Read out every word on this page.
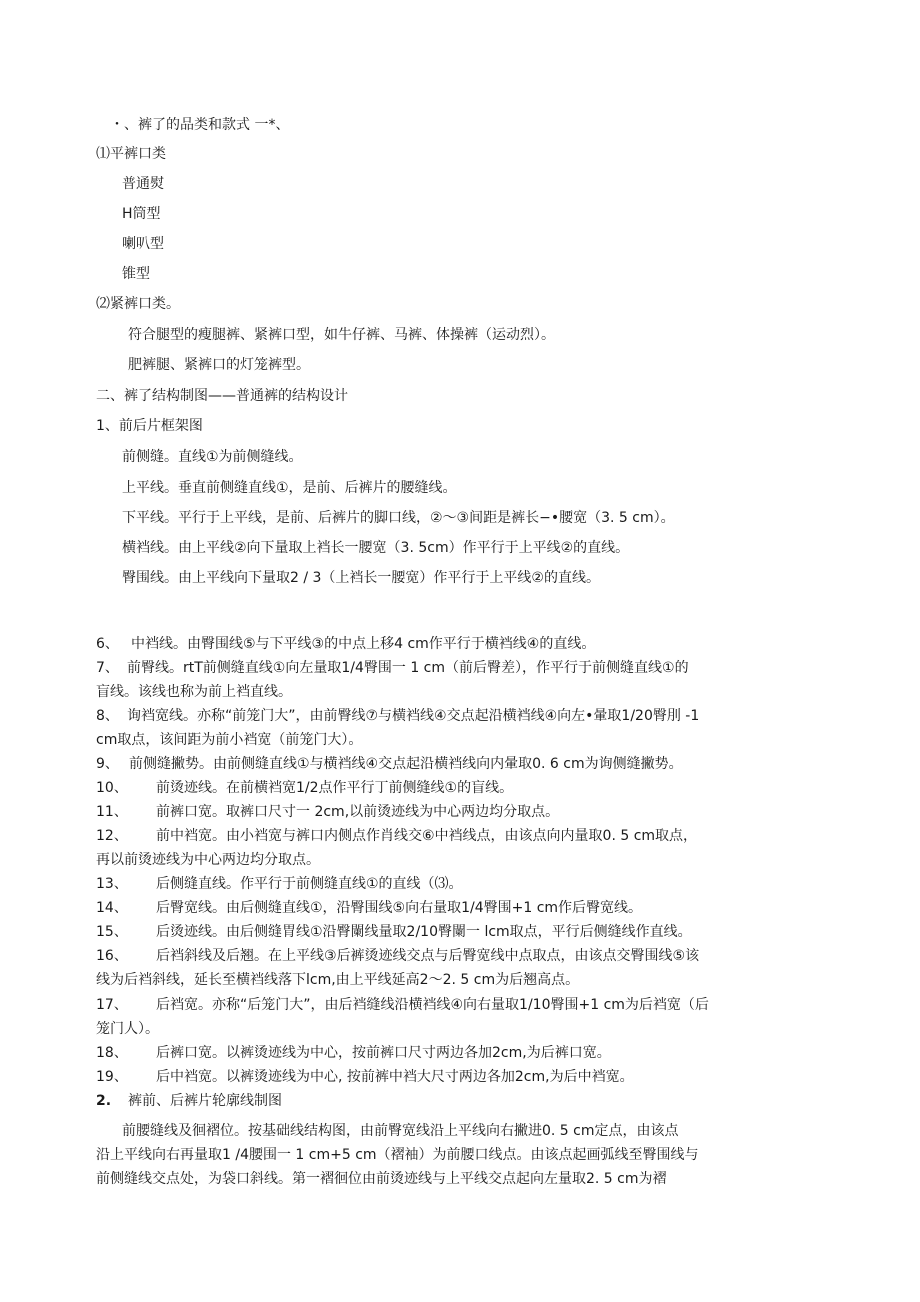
・、裤了的品类和款式 一*、
⑴平裤口类
普通熨
H筒型
喇叭型
锥型
⑵紧裤口类。
符合腿型的瘦腿裤、紧裤口型，如牛仔裤、马裤、体操裤（运动烈）。
肥裤腿、紧裤口的灯笼裤型。
二、裤了结构制图——普通裤的结构设计
1、前后片框架图
前侧缝。直线①为前侧缝线。
上平线。垂直前侧缝直线①，是前、后裤片的腰缝线。
下平线。平行于上平线，是前、后裤片的脚口线，②～③间距是裤长−•腰宽（3. 5 cm）。
横裆线。由上平线②向下量取上裆长一腰宽（3. 5cm）作平行于上平线②的直线。
臀围线。由上平线向下量取2 / 3（上裆长一腰宽）作平行于上平线②的直线。
6、 中裆线。由臀围线⑤与下平线③的中点上移4 cm作平行于横裆线④的直线。
7、 前臀线。rtT前侧缝直线①向左量取1/4臀围一 1 cm（前后臀差），作平行于前侧缝直线①的
盲线。该线也称为前上裆直线。
8、 询裆宽线。亦称“前笼门大”，由前臀线⑦与横裆线④交点起沿横裆线④向左•暈取1/20臀刖 -1
cm取点，该间距为前小裆宽（前笼门大）。
9、 前侧缝撇势。由前侧缝直线①与横裆线④交点起沿横裆线向内暈取0. 6 cm为询侧缝撇势。
10、 前烫迹线。在前横裆宽1/2点作平行丁前侧缝线①的盲线。
11、 前裤口宽。取裤口尺寸一 2cm,以前烫迹线为中心两边均分取点。
12、 前中裆宽。由小裆宽与裤口内侧点作肖线交⑥中裆线点，由该点向内量取0. 5 cm取点，
再以前烫迹线为中心两边均分取点。
13、 后侧缝直线。作平行于前侧缝直线①的直线（⑶。
14、 后臀宽线。由后侧缝直线①，沿臀围线⑤向右量取1/4臀围+1 cm作后臀宽线。
15、 后烫迹线。由后侧缝胃线①沿臀闌线量取2/10臀闌一 lcm取点，平行后侧缝线作直线。
16、 后裆斜线及后翘。在上平线③后裤烫迹线交点与后臀宽线中点取点，由该点交臀围线⑤该
线为后裆斜线，延长至横裆线落下lcm,由上平线延高2～2. 5 cm为后翘高点。
17、 后裆宽。亦称“后笼门大”，由后裆缝线沿横裆线④向右量取1/10臀围+1 cm为后裆宽（后
笼门人）。
18、 后裤口宽。以裤烫迹线为中心，按前裤口尺寸两边各加2cm,为后裤口宽。
19、 后中裆宽。以裤烫迹线为中心, 按前裤中裆大尺寸两边各加2cm,为后中裆宽。
2. 裤前、后裤片轮廓线制图
前腰缝线及徊褶位。按基础线结构图，由前臀宽线沿上平线向右撇进0. 5 cm定点，由该点
沿上平线向右再量取1 /4腰围一 1 cm+5 cm（褶袖）为前腰口线点。由该点起画弧线至臀围线与
前侧缝线交点处，为袋口斜线。第一褶徊位由前烫迹线与上平线交点起向左量取2. 5 cm为褶
